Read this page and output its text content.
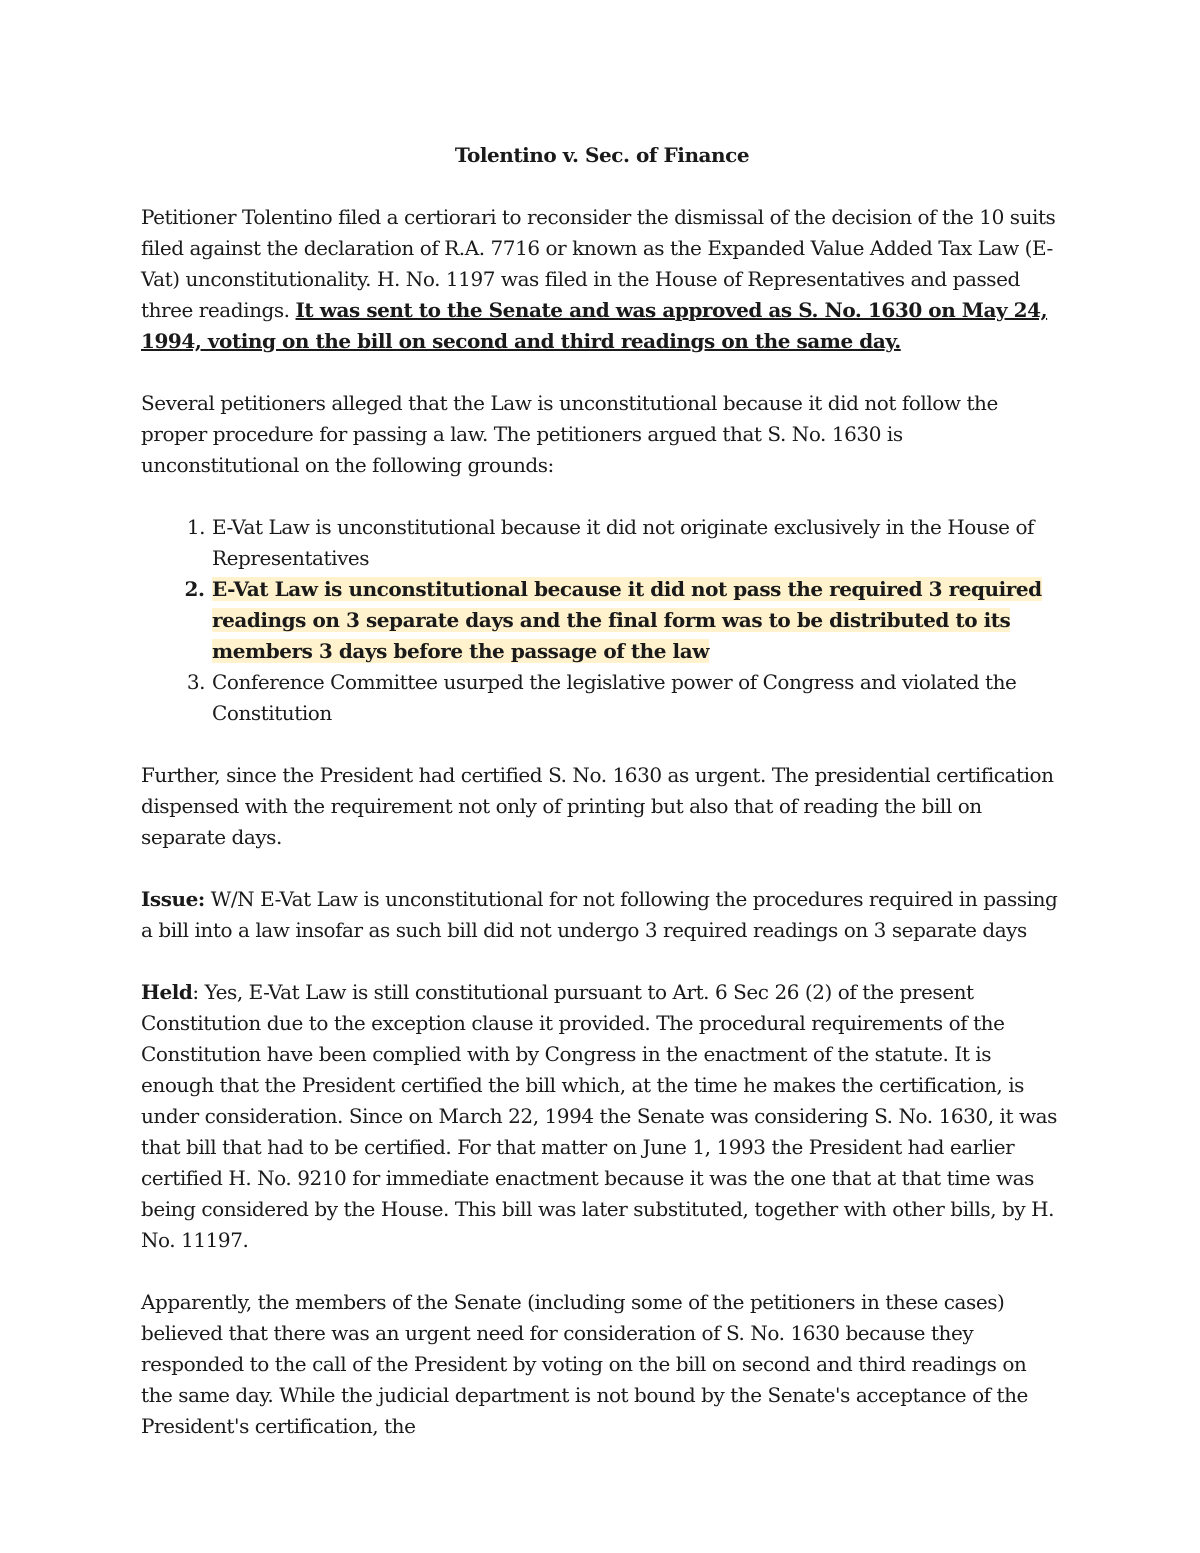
Tolentino v. Sec. of Finance

Petitioner Tolentino filed a certiorari to reconsider the dismissal of the decision of the 10 suits filed against the declaration of R.A. 7716 or known as the Expanded Value Added Tax Law (E-Vat) unconstitutionality. H. No. 1197 was filed in the House of Representatives and passed three readings. It was sent to the Senate and was approved as S. No. 1630 on May 24, 1994, voting on the bill on second and third readings on the same day.

Several petitioners alleged that the Law is unconstitutional because it did not follow the proper procedure for passing a law. The petitioners argued that S. No. 1630 is unconstitutional on the following grounds:

1. E-Vat Law is unconstitutional because it did not originate exclusively in the House of Representatives
2. E-Vat Law is unconstitutional because it did not pass the required 3 required readings on 3 separate days and the final form was to be distributed to its members 3 days before the passage of the law
3. Conference Committee usurped the legislative power of Congress and violated the Constitution

Further, since the President had certified S. No. 1630 as urgent. The presidential certification dispensed with the requirement not only of printing but also that of reading the bill on separate days.

Issue: W/N E-Vat Law is unconstitutional for not following the procedures required in passing a bill into a law insofar as such bill did not undergo 3 required readings on 3 separate days

Held: Yes, E-Vat Law is still constitutional pursuant to Art. 6 Sec 26 (2) of the present Constitution due to the exception clause it provided. The procedural requirements of the Constitution have been complied with by Congress in the enactment of the statute. It is enough that the President certified the bill which, at the time he makes the certification, is under consideration. Since on March 22, 1994 the Senate was considering S. No. 1630, it was that bill that had to be certified. For that matter on June 1, 1993 the President had earlier certified H. No. 9210 for immediate enactment because it was the one that at that time was being considered by the House. This bill was later substituted, together with other bills, by H. No. 11197.

Apparently, the members of the Senate (including some of the petitioners in these cases) believed that there was an urgent need for consideration of S. No. 1630 because they responded to the call of the President by voting on the bill on second and third readings on the same day. While the judicial department is not bound by the Senate's acceptance of the President's certification, the
